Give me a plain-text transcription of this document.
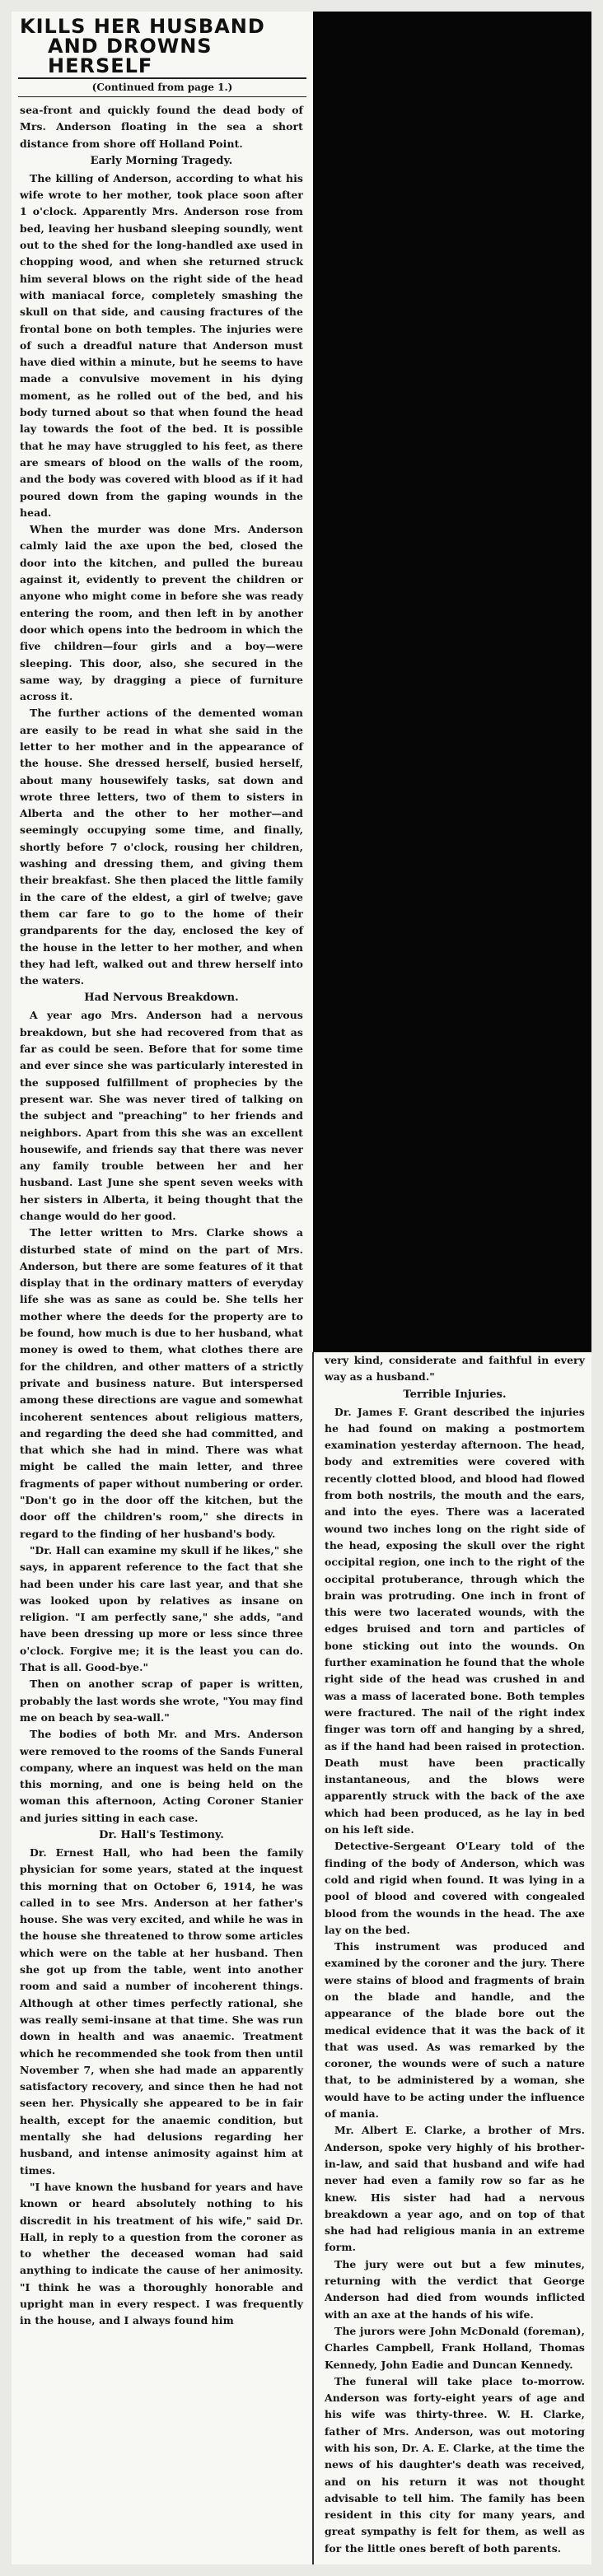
KILLS HER HUSBAND
AND DROWNS HERSELF
(Continued from page 1.)

sea-front and quickly found the dead body of Mrs. Anderson floating in the sea a short distance from shore off Holland Point.

Early Morning Tragedy.

The killing of Anderson, according to what his wife wrote to her mother, took place soon after 1 o'clock. Apparently Mrs. Anderson rose from bed, leaving her husband sleeping soundly, went out to the shed for the long-handled axe used in chopping wood, and when she returned struck him several blows on the right side of the head with maniacal force, completely smashing the skull on that side, and causing fractures of the frontal bone on both temples. The injuries were of such a dreadful nature that Anderson must have died within a minute, but he seems to have made a convulsive movement in his dying moment, as he rolled out of the bed, and his body turned about so that when found the head lay towards the foot of the bed. It is possible that he may have struggled to his feet, as there are smears of blood on the walls of the room, and the body was covered with blood as if it had poured down from the gaping wounds in the head.

When the murder was done Mrs. Anderson calmly laid the axe upon the bed, closed the door into the kitchen, and pulled the bureau against it, evidently to prevent the children or anyone who might come in before she was ready entering the room, and then left in by another door which opens into the bedroom in which the five children—four girls and a boy—were sleeping. This door, also, she secured in the same way, by dragging a piece of furniture across it.

The further actions of the demented woman are easily to be read in what she said in the letter to her mother and in the appearance of the house. She dressed herself, busied herself, about many housewifely tasks, sat down and wrote three letters, two of them to sisters in Alberta and the other to her mother—and seemingly occupying some time, and finally, shortly before 7 o'clock, rousing her children, washing and dressing them, and giving them their breakfast. She then placed the little family in the care of the eldest, a girl of twelve; gave them car fare to go to the home of their grandparents for the day, enclosed the key of the house in the letter to her mother, and when they had left, walked out and threw herself into the waters.

Had Nervous Breakdown.

A year ago Mrs. Anderson had a nervous breakdown, but she had recovered from that as far as could be seen. Before that for some time and ever since she was particularly interested in the supposed fulfillment of prophecies by the present war. She was never tired of talking on the subject and "preaching" to her friends and neighbors. Apart from this she was an excellent housewife, and friends say that there was never any family trouble between her and her husband. Last June she spent seven weeks with her sisters in Alberta, it being thought that the change would do her good.

The letter written to Mrs. Clarke shows a disturbed state of mind on the part of Mrs. Anderson, but there are some features of it that display that in the ordinary matters of everyday life she was as sane as could be. She tells her mother where the deeds for the property are to be found, how much is due to her husband, what money is owed to them, what clothes there are for the children, and other matters of a strictly private and business nature. But interspersed among these directions are vague and somewhat incoherent sentences about religious matters, and regarding the deed she had committed, and that which she had in mind. There was what might be called the main letter, and three fragments of paper without numbering or order. "Don't go in the door off the kitchen, but the door off the children's room," she directs in regard to the finding of her husband's body.

"Dr. Hall can examine my skull if he likes," she says, in apparent reference to the fact that she had been under his care last year, and that she was looked upon by relatives as insane on religion. "I am perfectly sane," she adds, "and have been dressing up more or less since three o'clock. Forgive me; it is the least you can do. That is all. Good-bye."

Then on another scrap of paper is written, probably the last words she wrote, "You may find me on beach by sea-wall."

The bodies of both Mr. and Mrs. Anderson were removed to the rooms of the Sands Funeral company, where an inquest was held on the man this morning, and one is being held on the woman this afternoon, Acting Coroner Stanier and juries sitting in each case.

Dr. Hall's Testimony.

Dr. Ernest Hall, who had been the family physician for some years, stated at the inquest this morning that on October 6, 1914, he was called in to see Mrs. Anderson at her father's house. She was very excited, and while he was in the house she threatened to throw some articles which were on the table at her husband. Then she got up from the table, went into another room and said a number of incoherent things. Although at other times perfectly rational, she was really semi-insane at that time. She was run down in health and was anaemic. Treatment which he recommended she took from then until November 7, when she had made an apparently satisfactory recovery, and since then he had not seen her. Physically she appeared to be in fair health, except for the anaemic condition, but mentally she had delusions regarding her husband, and intense animosity against him at times.

"I have known the husband for years and have known or heard absolutely nothing to his discredit in his treatment of his wife," said Dr. Hall, in reply to a question from the coroner as to whether the deceased woman had said anything to indicate the cause of her animosity. "I think he was a thoroughly honorable and upright man in every respect. I was frequently in the house, and I always found him

very kind, considerate and faithful in every way as a husband."

Terrible Injuries.

Dr. James F. Grant described the injuries he had found on making a postmortem examination yesterday afternoon. The head, body and extremities were covered with recently clotted blood, and blood had flowed from both nostrils, the mouth and the ears, and into the eyes. There was a lacerated wound two inches long on the right side of the head, exposing the skull over the right occipital region, one inch to the right of the occipital protuberance, through which the brain was protruding. One inch in front of this were two lacerated wounds, with the edges bruised and torn and particles of bone sticking out into the wounds. On further examination he found that the whole right side of the head was crushed in and was a mass of lacerated bone. Both temples were fractured. The nail of the right index finger was torn off and hanging by a shred, as if the hand had been raised in protection. Death must have been practically instantaneous, and the blows were apparently struck with the back of the axe which had been produced, as he lay in bed on his left side.

Detective-Sergeant O'Leary told of the finding of the body of Anderson, which was cold and rigid when found. It was lying in a pool of blood and covered with congealed blood from the wounds in the head. The axe lay on the bed.

This instrument was produced and examined by the coroner and the jury. There were stains of blood and fragments of brain on the blade and handle, and the appearance of the blade bore out the medical evidence that it was the back of it that was used. As was remarked by the coroner, the wounds were of such a nature that, to be administered by a woman, she would have to be acting under the influence of mania.

Mr. Albert E. Clarke, a brother of Mrs. Anderson, spoke very highly of his brother-in-law, and said that husband and wife had never had even a family row so far as he knew. His sister had had a nervous breakdown a year ago, and on top of that she had had religious mania in an extreme form.

The jury were out but a few minutes, returning with the verdict that George Anderson had died from wounds inflicted with an axe at the hands of his wife.

The jurors were John McDonald (foreman), Charles Campbell, Frank Holland, Thomas Kennedy, John Eadie and Duncan Kennedy.

The funeral will take place to-morrow. Anderson was forty-eight years of age and his wife was thirty-three. W. H. Clarke, father of Mrs. Anderson, was out motoring with his son, Dr. A. E. Clarke, at the time the news of his daughter's death was received, and on his return it was not thought advisable to tell him. The family has been resident in this city for many years, and great sympathy is felt for them, as well as for the little ones bereft of both parents.
